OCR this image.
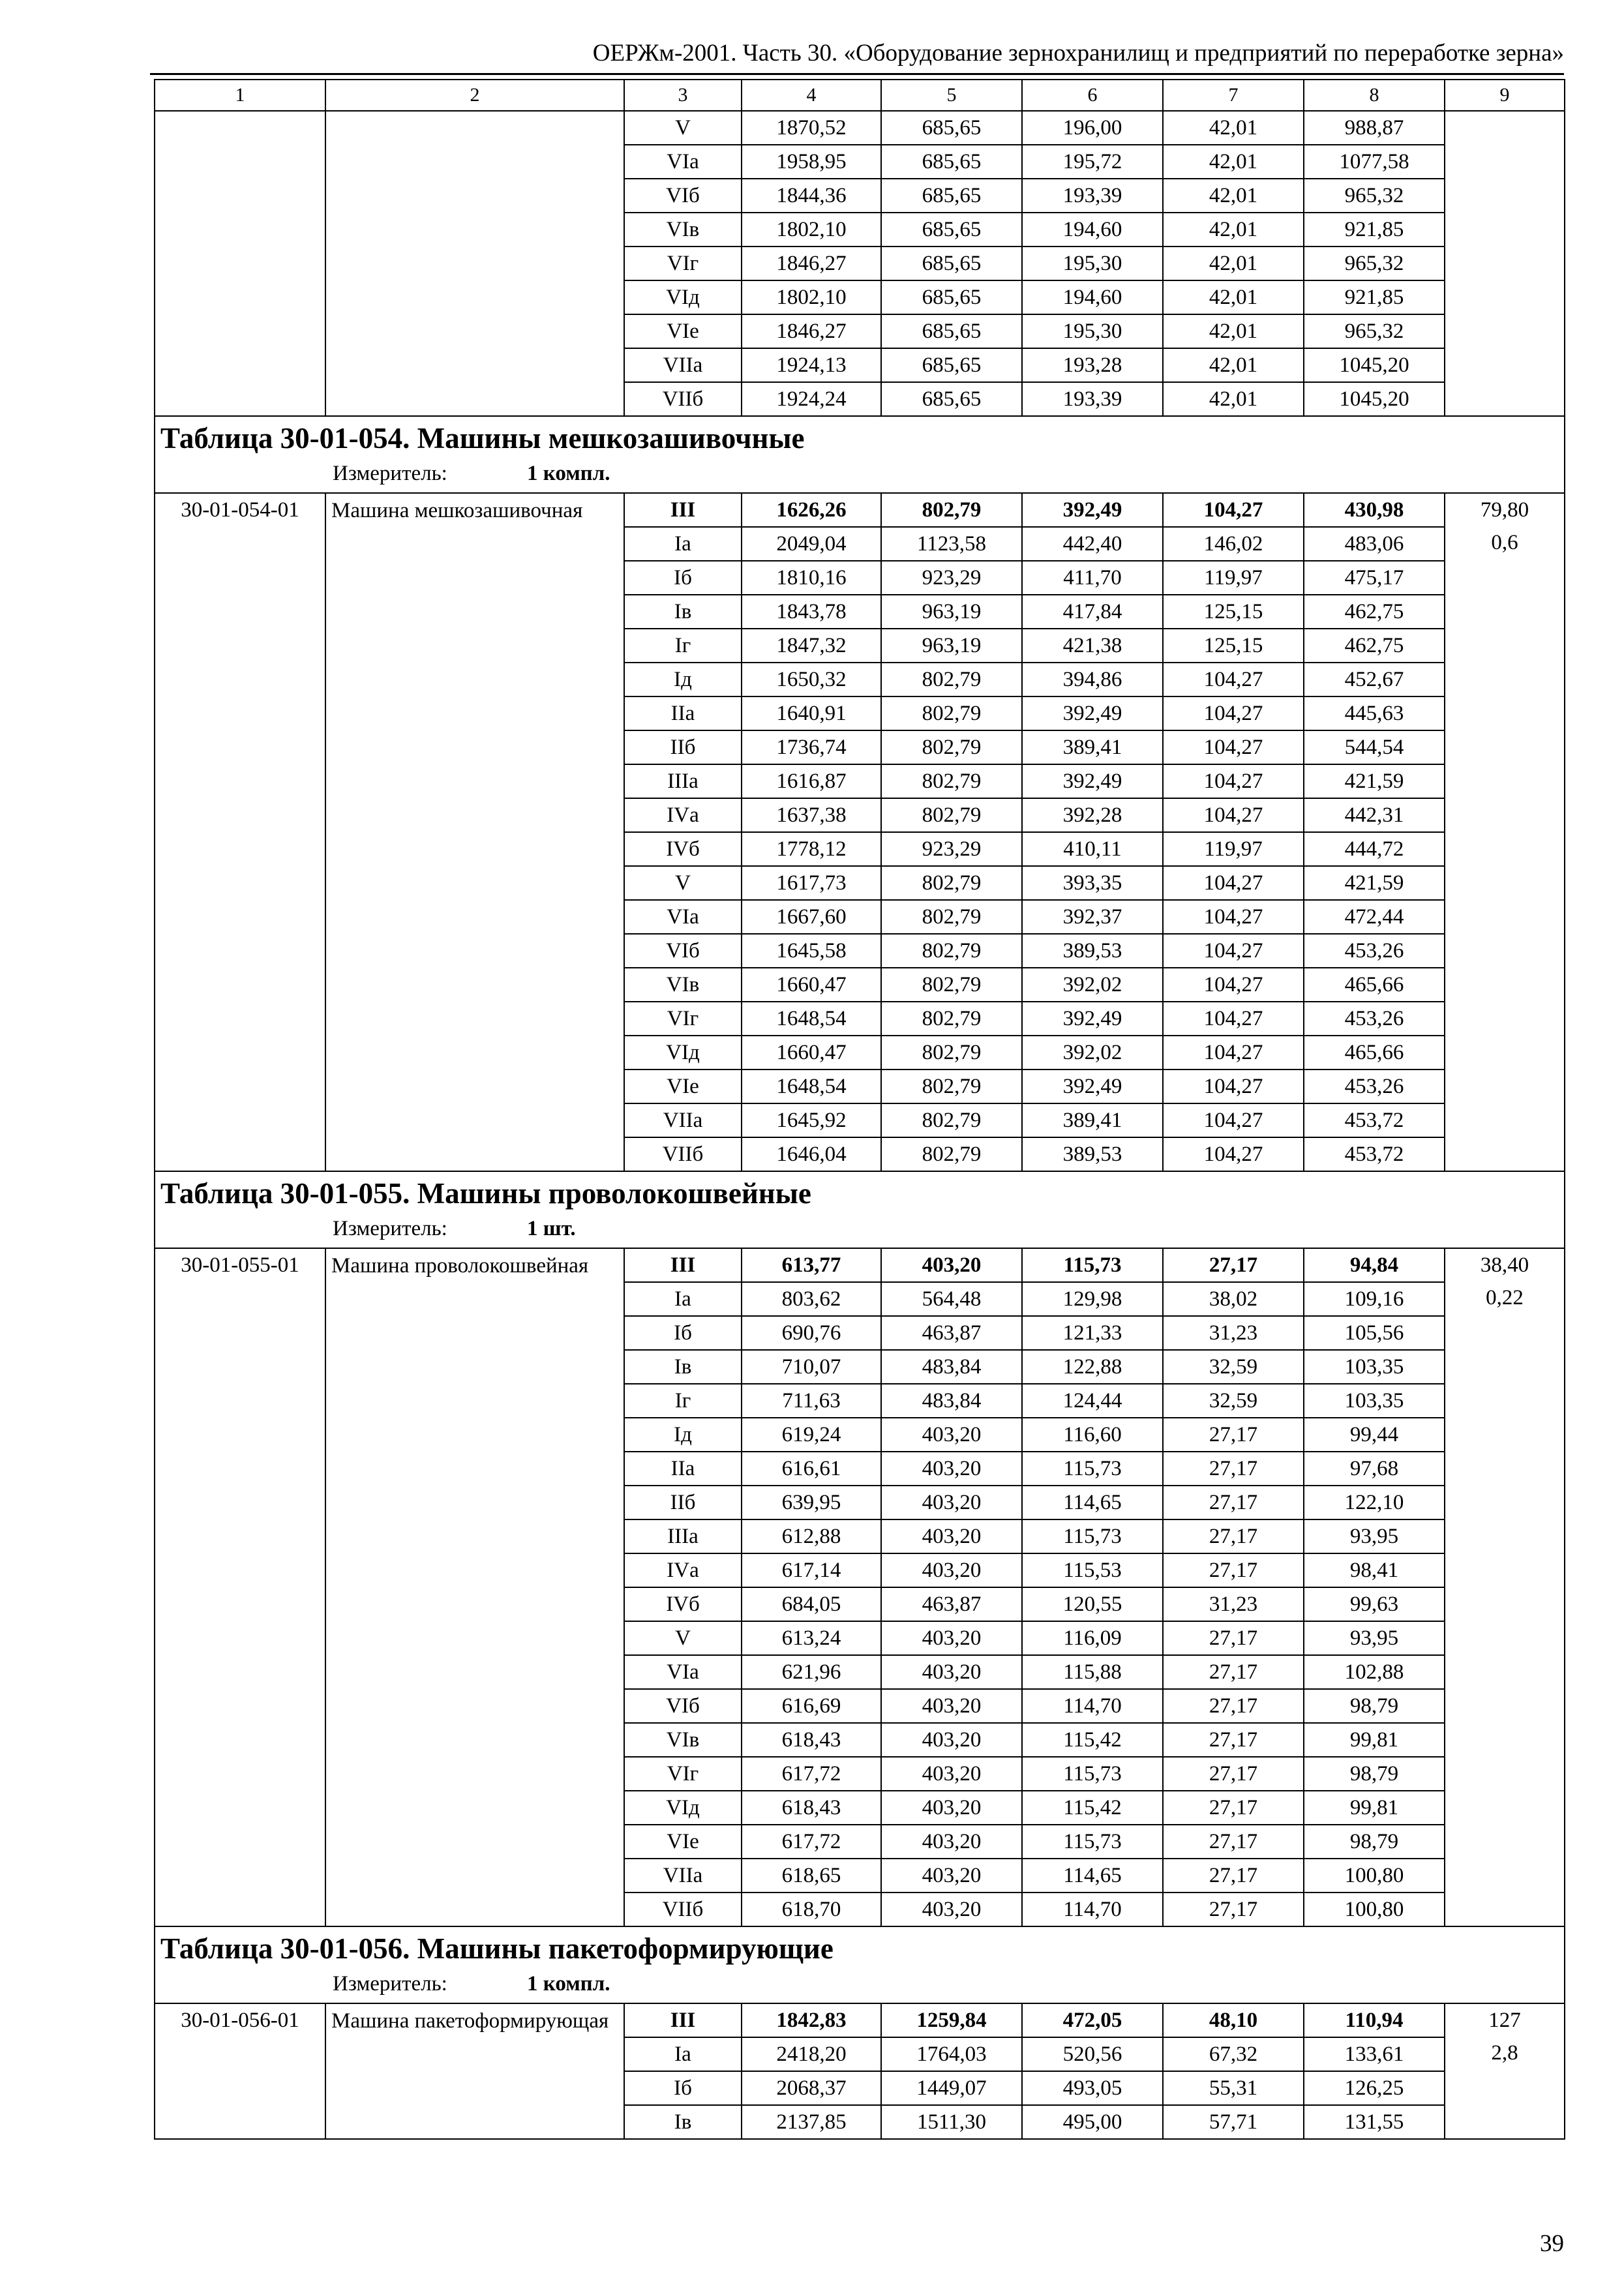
ОЕРЖм-2001. Часть 30. «Оборудование зернохранилищ и предприятий по переработке зерна»
1	2	3	4	5	6	7	8	9
		V	1870,52	685,65	196,00	42,01	988,87	
		VIа	1958,95	685,65	195,72	42,01	1077,58	
		VIб	1844,36	685,65	193,39	42,01	965,32	
		VIв	1802,10	685,65	194,60	42,01	921,85	
		VIг	1846,27	685,65	195,30	42,01	965,32	
		VIд	1802,10	685,65	194,60	42,01	921,85	
		VIе	1846,27	685,65	195,30	42,01	965,32	
		VIIа	1924,13	685,65	193,28	42,01	1045,20	
		VIIб	1924,24	685,65	193,39	42,01	1045,20	

Таблица 30-01-054. Машины мешкозашивочные
Измеритель: 1 компл.								

30-01-054-01	Машина мешкозашивочная	III	1626,26	802,79	392,49	104,27	430,98	79,80
0,6

		Iа	2049,04	1123,58	442,40	146,02	483,06	
		Iб	1810,16	923,29	411,70	119,97	475,17	
		Iв	1843,78	963,19	417,84	125,15	462,75	
		Iг	1847,32	963,19	421,38	125,15	462,75	
		Iд	1650,32	802,79	394,86	104,27	452,67	
		IIа	1640,91	802,79	392,49	104,27	445,63	
		IIб	1736,74	802,79	389,41	104,27	544,54	
		IIIа	1616,87	802,79	392,49	104,27	421,59	
		IVа	1637,38	802,79	392,28	104,27	442,31	
		IVб	1778,12	923,29	410,11	119,97	444,72	
		V	1617,73	802,79	393,35	104,27	421,59	
		VIа	1667,60	802,79	392,37	104,27	472,44	
		VIб	1645,58	802,79	389,53	104,27	453,26	
		VIв	1660,47	802,79	392,02	104,27	465,66	
		VIг	1648,54	802,79	392,49	104,27	453,26	
		VIд	1660,47	802,79	392,02	104,27	465,66	
		VIе	1648,54	802,79	392,49	104,27	453,26	
		VIIа	1645,92	802,79	389,41	104,27	453,72	
		VIIб	1646,04	802,79	389,53	104,27	453,72	

Таблица 30-01-055. Машины проволокошвейные
Измеритель: 1 шт.								

30-01-055-01	Машина проволокошвейная	III	613,77	403,20	115,73	27,17	94,84	38,40
0,22

		Iа	803,62	564,48	129,98	38,02	109,16	
		Iб	690,76	463,87	121,33	31,23	105,56	
		Iв	710,07	483,84	122,88	32,59	103,35	
		Iг	711,63	483,84	124,44	32,59	103,35	
		Iд	619,24	403,20	116,60	27,17	99,44	
		IIа	616,61	403,20	115,73	27,17	97,68	
		IIб	639,95	403,20	114,65	27,17	122,10	
		IIIа	612,88	403,20	115,73	27,17	93,95	
		IVа	617,14	403,20	115,53	27,17	98,41	
		IVб	684,05	463,87	120,55	31,23	99,63	
		V	613,24	403,20	116,09	27,17	93,95	
		VIа	621,96	403,20	115,88	27,17	102,88	
		VIб	616,69	403,20	114,70	27,17	98,79	
		VIв	618,43	403,20	115,42	27,17	99,81	
		VIг	617,72	403,20	115,73	27,17	98,79	
		VIд	618,43	403,20	115,42	27,17	99,81	
		VIе	617,72	403,20	115,73	27,17	98,79	
		VIIа	618,65	403,20	114,65	27,17	100,80	
		VIIб	618,70	403,20	114,70	27,17	100,80	

Таблица 30-01-056. Машины пакетоформирующие
Измеритель: 1 компл.								

30-01-056-01	Машина пакетоформирующая	III	1842,83	1259,84	472,05	48,10	110,94	127
2,8

		Iа	2418,20	1764,03	520,56	67,32	133,61	
		Iб	2068,37	1449,07	493,05	55,31	126,25	
		Iв	2137,85	1511,30	495,00	57,71	131,55	
39
